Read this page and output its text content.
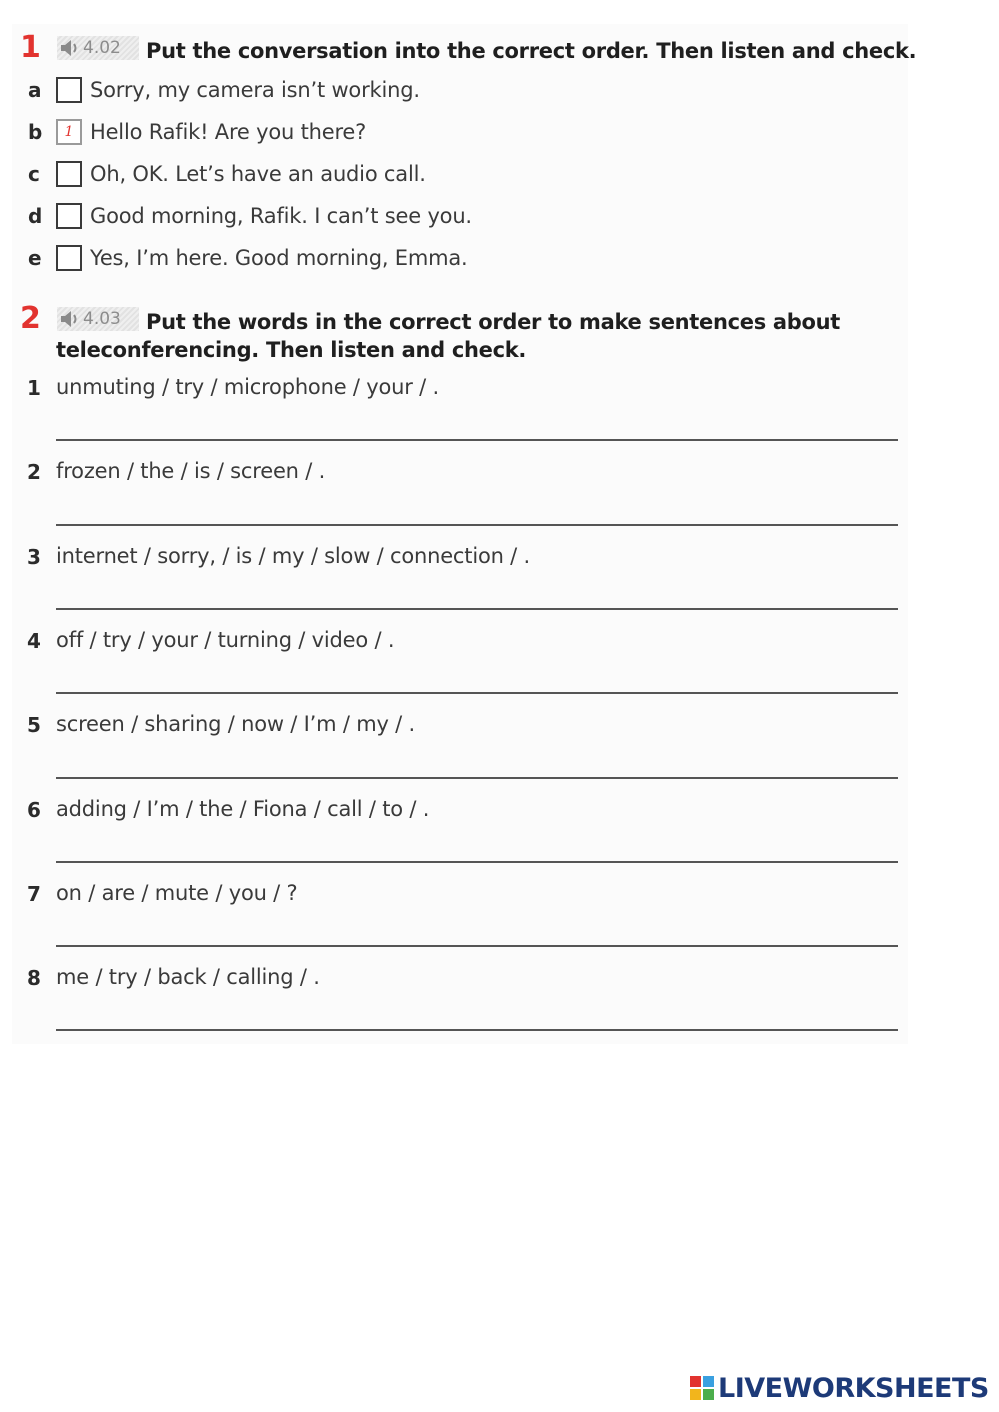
1 4.02 Put the conversation into the correct order. Then listen and check.
a	Sorry, my camera isn’t working.
b	1 Hello Rafik! Are you there?
c	Oh, OK. Let’s have an audio call.
d Good morning, Rafik. I can’t see you.
e	Yes, I’m here. Good morning, Emma.
2 4.03 Put the words in the correct order to make sentences about
teleconferencing. Then listen and check.
1 unmuting / try / microphone / your / .
2 frozen / the / is / screen / .
3 internet / sorry, / is / my / slow / connection / .
4 off / try / your / turning / video / .
5 screen / sharing / now / I’m / my / .
6 adding / I’m / the / Fiona / call / to / .
7 on / are / mute / you / ?
8 me / try / back / calling / .
LIVEWORKSHEETS
